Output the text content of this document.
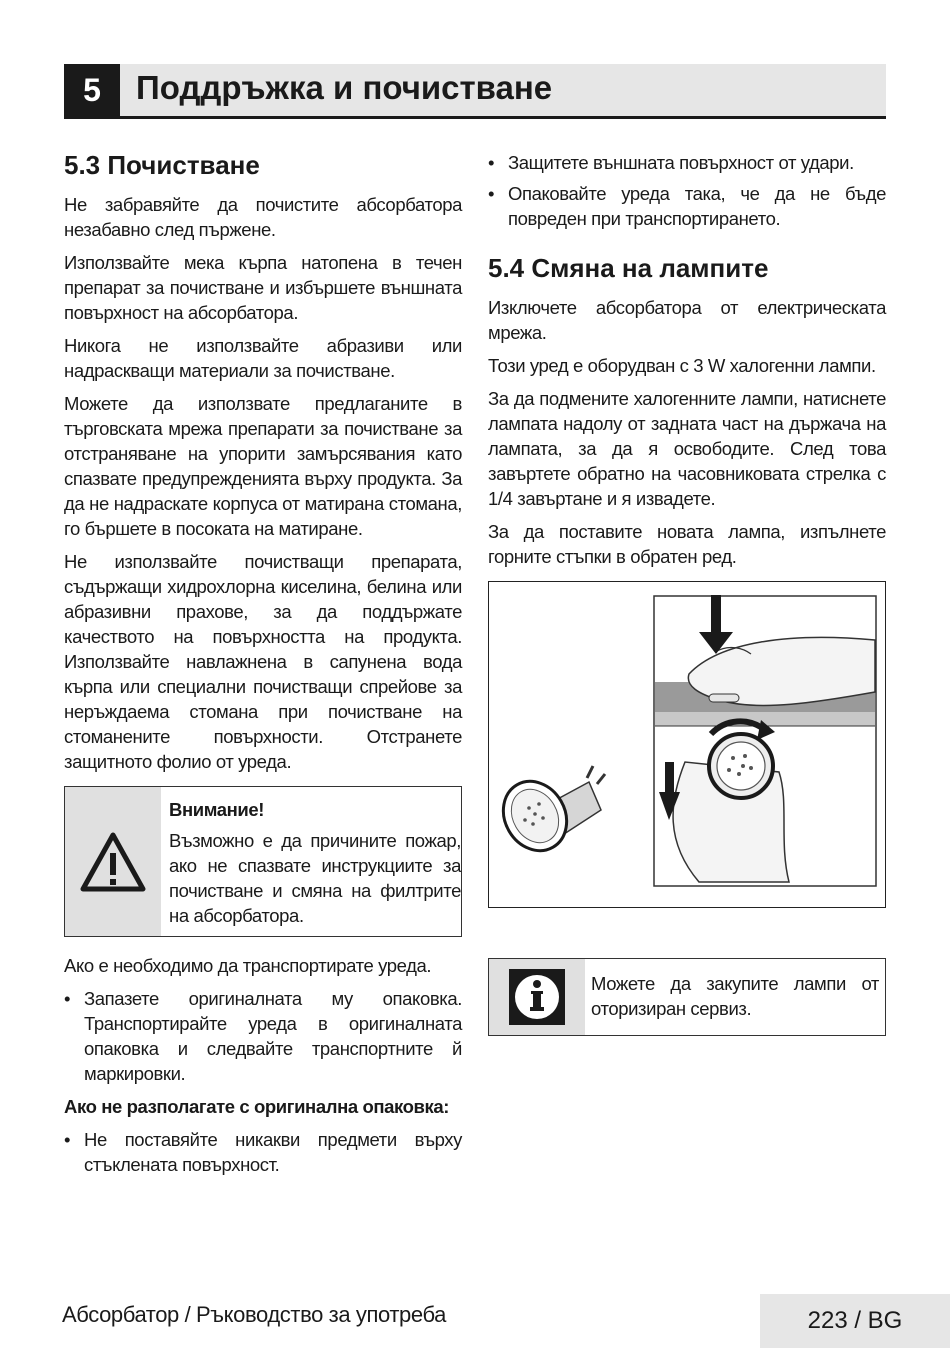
5	Поддръжка и почистване
5.3 Почистване

Не забравяйте да почистите абсорбатора незабавно след пържене.

Използвайте мека кърпа натопена в течен препарат за почистване и избършете външната повърхност на абсорбатора.

Никога не използвайте абразиви или надраскващи материали за почистване.

Можете да използвате предлаганите в търговската мрежа препарати за почистване за отстраняване на упорити замърсявания като спазвате предупрежденията върху продукта. За да не надраскате корпуса от матирана стомана, го бършете в посоката на матиране.

Не използвайте почистващи препарата, съдържащи хидрохлорна киселина, белина или абразивни прахове, за да поддържате качеството на повърхността на продукта. Използвайте навлажнена в сапунена вода кърпа или специални почистващи спрейове за неръждаема стомана при почистване на стоманените повърхности. Отстранете защитното фолио от уреда.

Внимание!

Възможно е да причините пожар, ако не спазвате инструкциите за почистване и смяна на филтрите на абсорбатора.

Ако е необходимо да транспортирате уреда.

• Запазете оригиналната му опаковка. Транспортирайте уреда в оригиналната опаковка и следвайте транспортните й маркировки.

Ако не разполагате с оригинална опаковка:

• Не поставяйте никакви предмети върху стъклената повърхност.
• Защитете външната повърхност от удари.
• Опаковайте уреда така, че да не бъде повреден при транспортирането.
5.4 Смяна на лампите

Изключете абсорбатора от електрическата мрежа.

Този уред е оборудван с 3 W халогенни лампи.

За да подмените халогенните лампи, натиснете лампата надолу от задната част на държача на лампата, за да я освободите. След това завъртете обратно на часовниковата стрелка с 1/4 завъртане и я извадете.

За да поставите новата лампа, изпълнете горните стъпки в обратен ред.

Можете да закупите лампи от оторизиран сервиз.

Абсорбатор / Ръководство за употреба	223 / BG
